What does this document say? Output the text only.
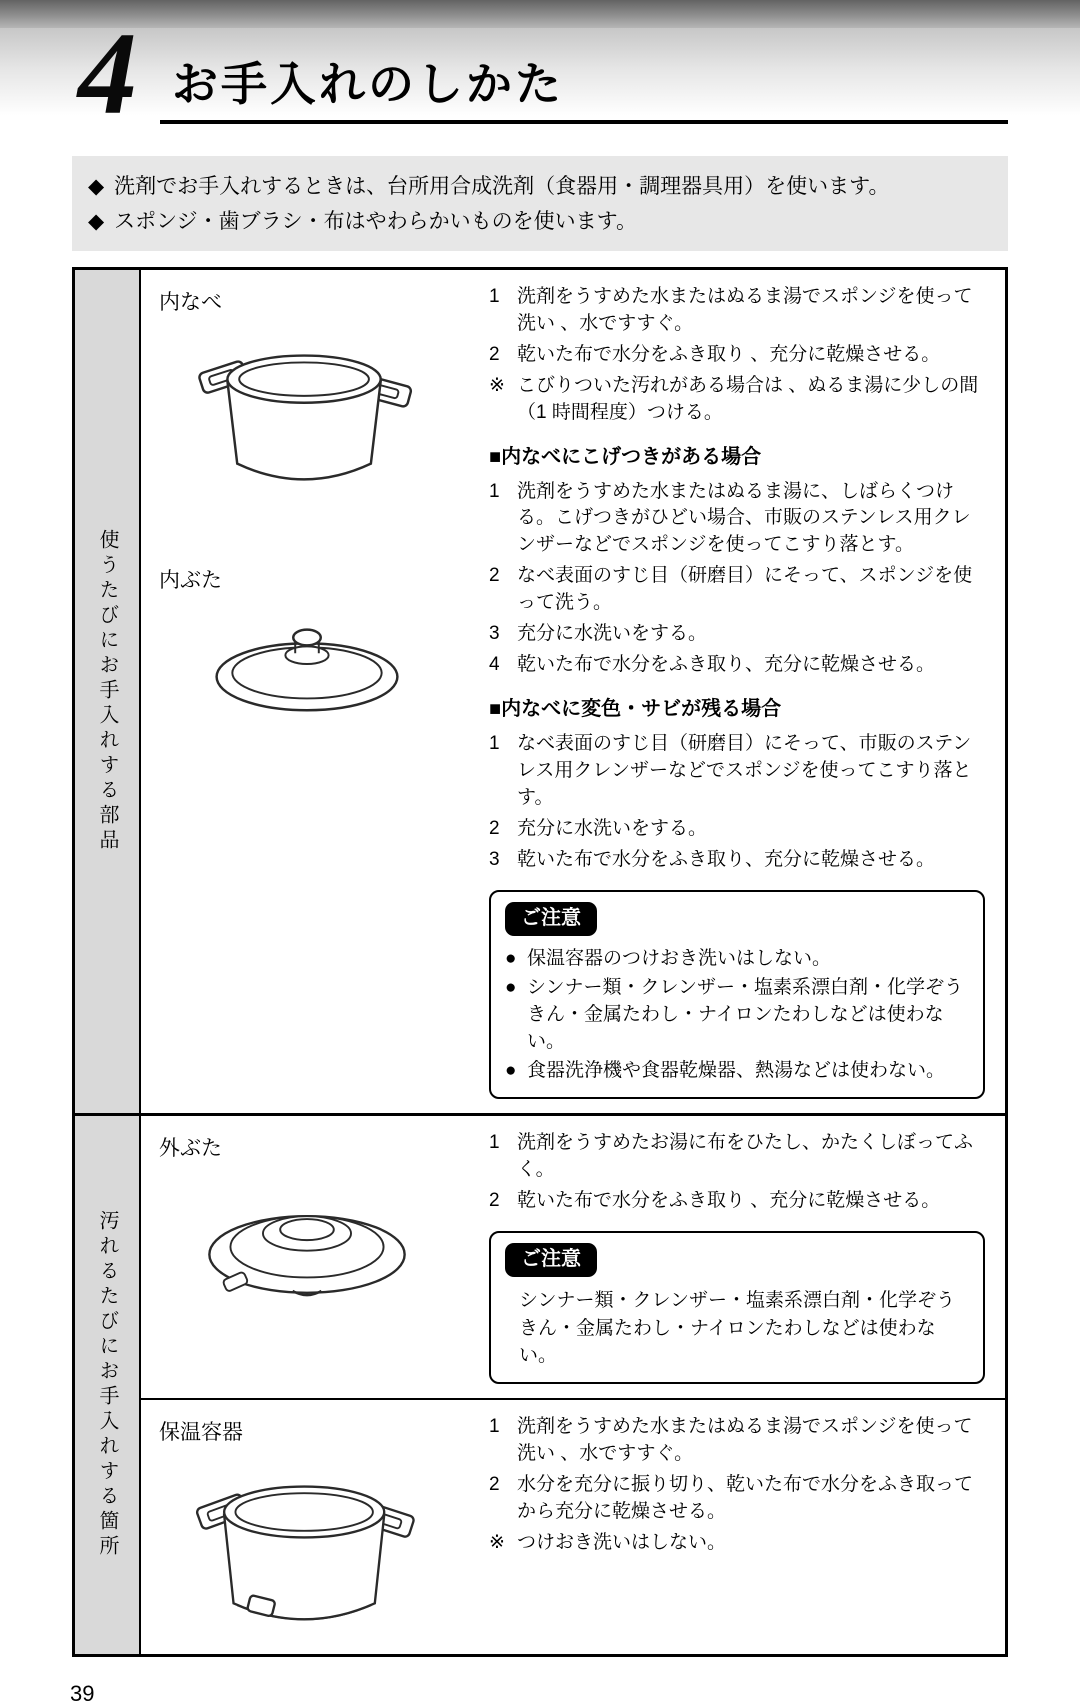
4 お手入れのしかた
◆ 洗剤でお手入れするときは、台所用合成洗剤（食器用・調理器具用）を使います。
◆ スポンジ・歯ブラシ・布はやわらかいものを使います。
使うたびにお手入れする部品
内なべ
内ぶた
1 洗剤をうすめた水またはぬるま湯でスポンジを使って洗い 、水ですすぐ。
2 乾いた布で水分をふき取り 、充分に乾燥させる。
※ こびりついた汚れがある場合は 、ぬるま湯に少しの間（1 時間程度）つける。
■内なべにこげつきがある場合
1 洗剤をうすめた水またはぬるま湯に、しばらくつける。こげつきがひどい場合、市販のステンレス用クレンザーなどでスポンジを使ってこすり落とす。
2 なべ表面のすじ目（研磨目）にそって、スポンジを使って洗う。
3 充分に水洗いをする。
4 乾いた布で水分をふき取り、充分に乾燥させる。
■内なべに変色・サビが残る場合
1 なべ表面のすじ目（研磨目）にそって、市販のステンレス用クレンザーなどでスポンジを使ってこすり落とす。
2 充分に水洗いをする。
3 乾いた布で水分をふき取り、充分に乾燥させる。
ご注意
● 保温容器のつけおき洗いはしない。
● シンナー類・クレンザー・塩素系漂白剤・化学ぞうきん・金属たわし・ナイロンたわしなどは使わない。
● 食器洗浄機や食器乾燥器、熱湯などは使わない。
汚れるたびにお手入れする箇所
外ぶた	1 洗剤をうすめたお湯に布をひたし、かたくしぼってふく。
2 乾いた布で水分をふき取り 、充分に乾燥させる。
ご注意
シンナー類・クレンザー・塩素系漂白剤・化学ぞうきん・金属たわし・ナイロンたわしなどは使わない。
保温容器	1 洗剤をうすめた水またはぬるま湯でスポンジを使って洗い 、水ですすぐ。
2 水分を充分に振り切り、乾いた布で水分をふき取ってから充分に乾燥させる。
※ つけおき洗いはしない。
39
